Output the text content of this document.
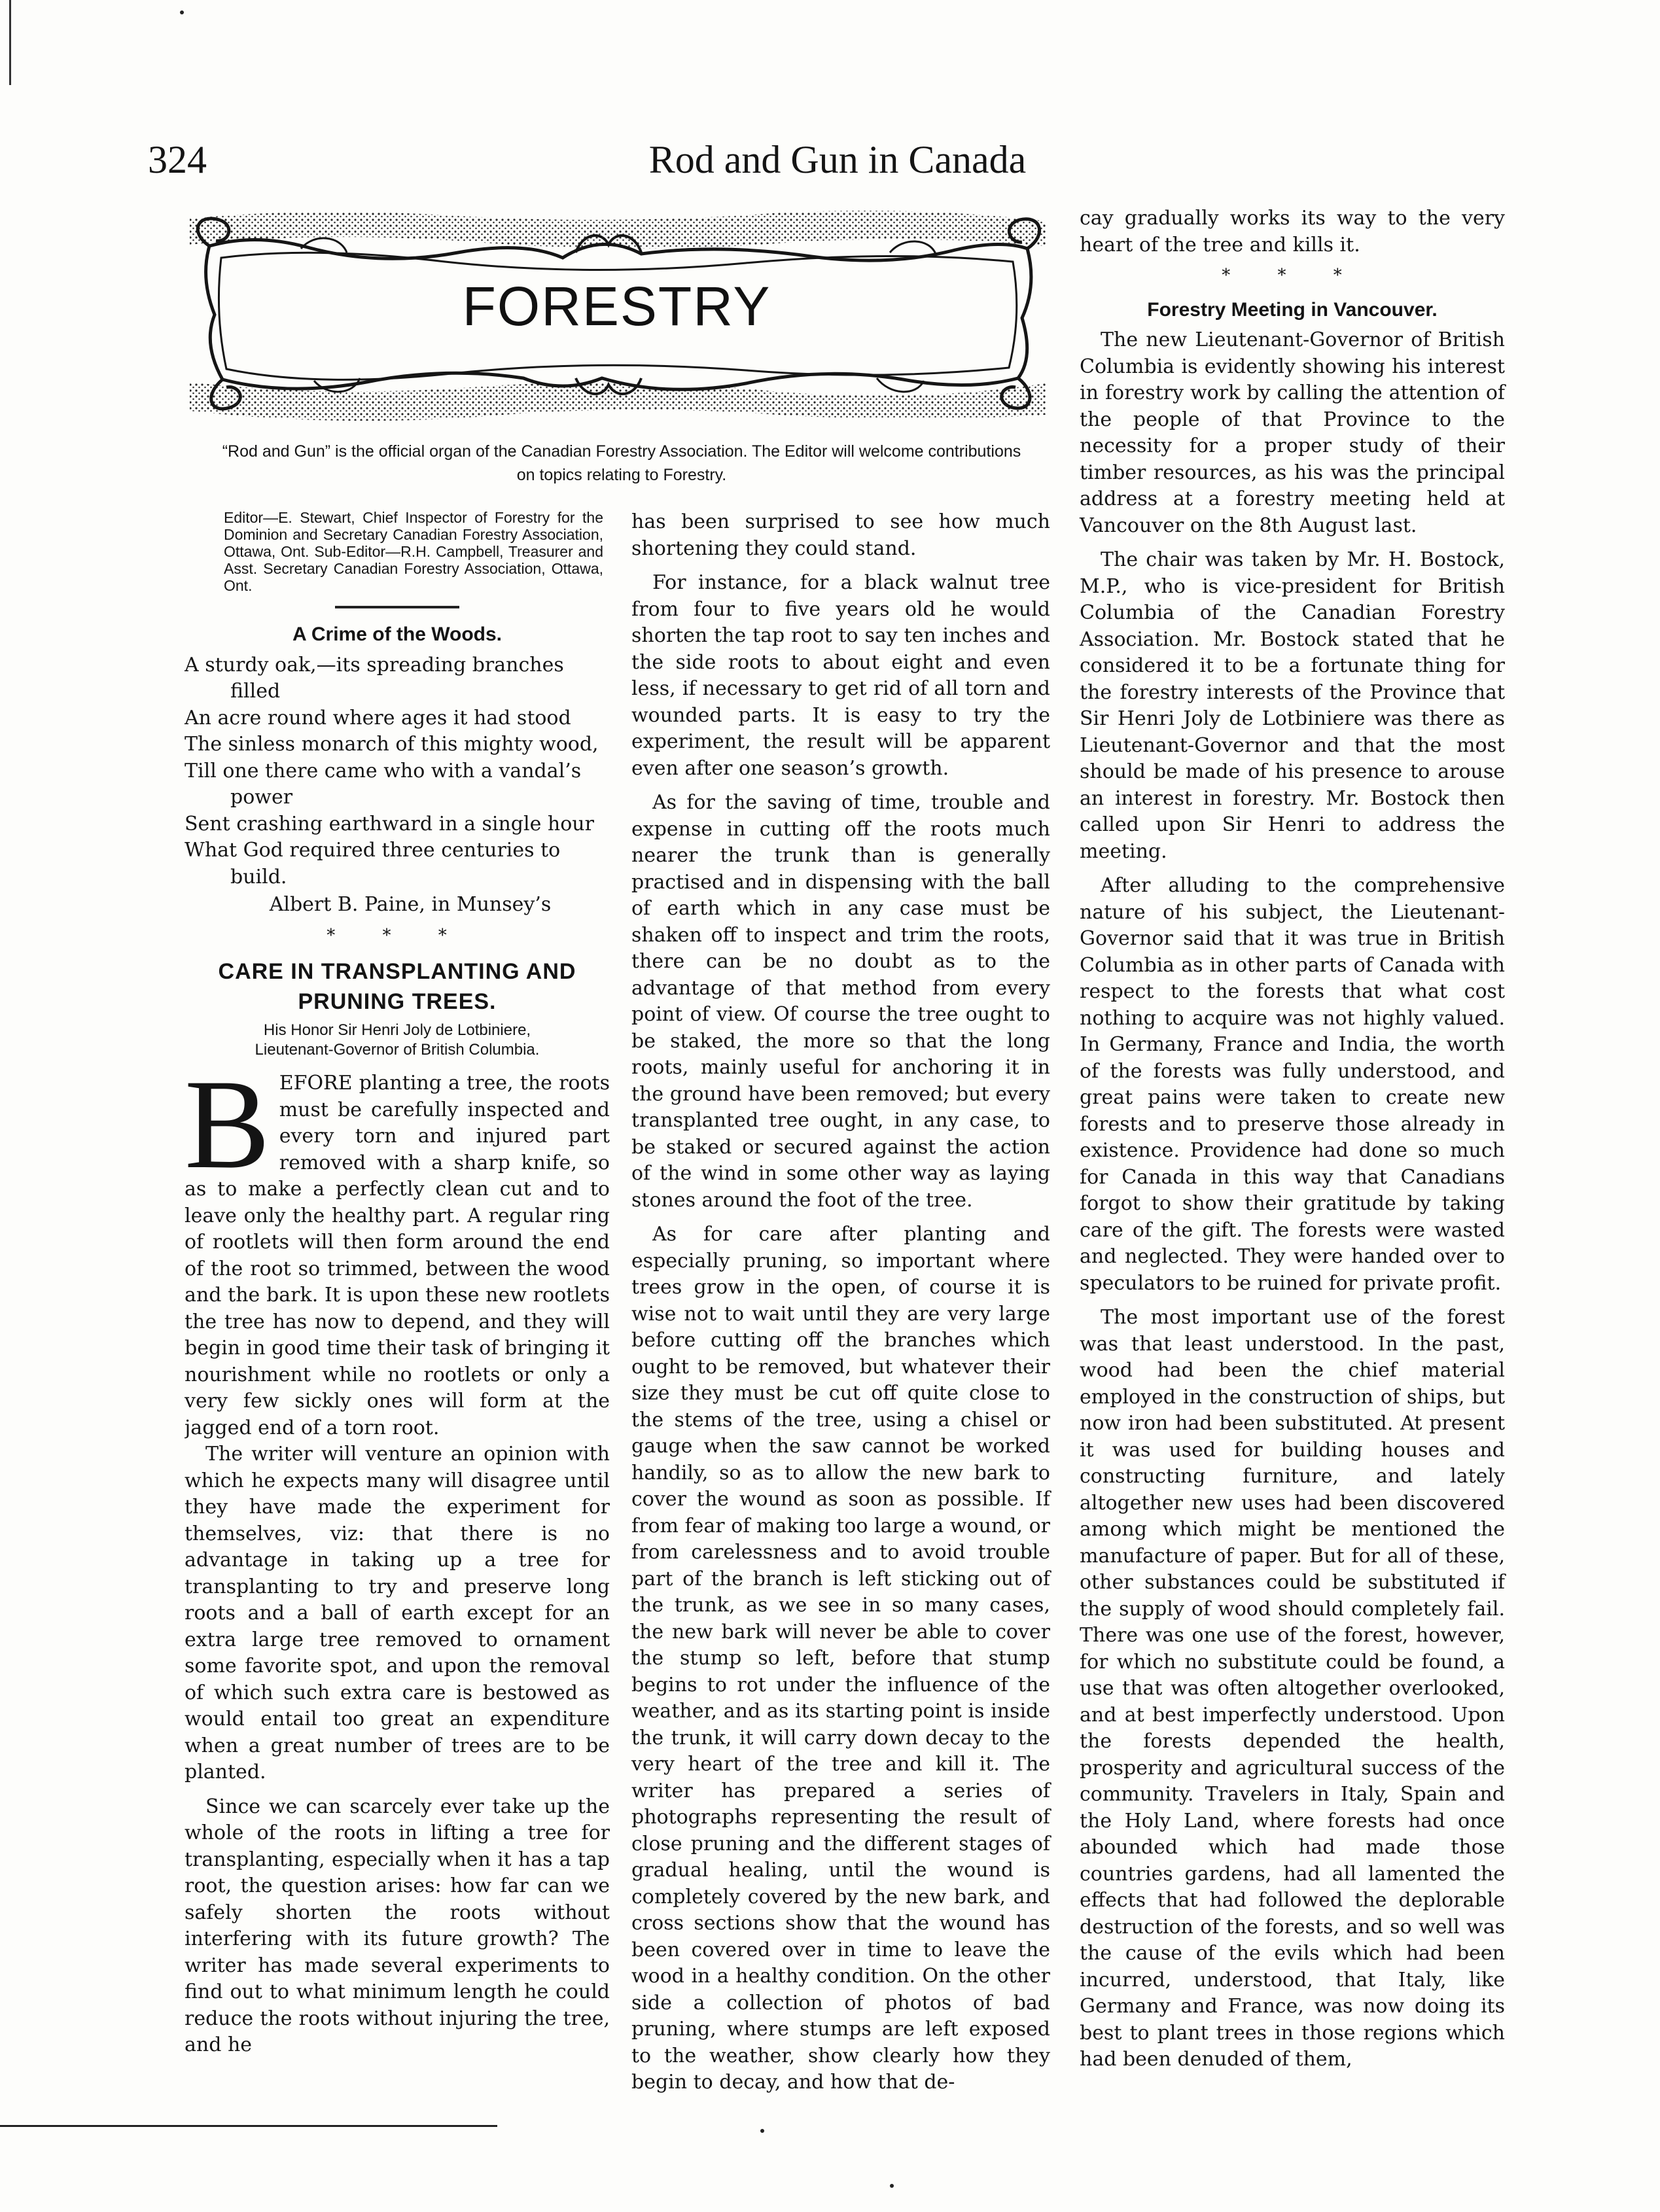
324	Rod and Gun in Canada
FORESTRY
“Rod and Gun” is the official organ of the Canadian Forestry Association. The Editor will welcome contributions on topics relating to Forestry.
Editor—E. Stewart, Chief Inspector of Forestry for the Dominion and Secretary Canadian Forestry Association, Ottawa, Ont. Sub-Editor—R.H. Campbell, Treasurer and Asst. Secretary Canadian Forestry Association, Ottawa, Ont.
A Crime of the Woods.
A sturdy oak,—its spreading branches filled
An acre round where ages it had stood
The sinless monarch of this mighty wood,
Till one there came who with a vandal’s power
Sent crashing earthward in a single hour
What God required three centuries to build.
Albert B. Paine, in Munsey’s
* * *
CARE IN TRANSPLANTING AND PRUNING TREES.
His Honor Sir Henri Joly de Lotbiniere,
Lieutenant-Governor of British Columbia.
B EFORE planting a tree, the roots must be carefully inspected and every torn and injured part removed with a sharp knife, so as to make a perfectly clean cut and to leave only the healthy part. A regular ring of rootlets will then form around the end of the root so trimmed, between the wood and the bark. It is upon these new rootlets the tree has now to depend, and they will begin in good time their task of bringing it nourishment while no rootlets or only a very few sickly ones will form at the jagged end of a torn root.

The writer will venture an opinion with which he expects many will disagree until they have made the experiment for themselves, viz: that there is no advantage in taking up a tree for transplanting to try and preserve long roots and a ball of earth except for an extra large tree removed to ornament some favorite spot, and upon the removal of which such extra care is bestowed as would entail too great an expenditure when a great number of trees are to be planted.

Since we can scarcely ever take up the whole of the roots in lifting a tree for transplanting, especially when it has a tap root, the question arises: how far can we safely shorten the roots without interfering with its future growth? The writer has made several experiments to find out to what minimum length he could reduce the roots without injuring the tree, and he

has been surprised to see how much shortening they could stand.

For instance, for a black walnut tree from four to five years old he would shorten the tap root to say ten inches and the side roots to about eight and even less, if necessary to get rid of all torn and wounded parts. It is easy to try the experiment, the result will be apparent even after one season’s growth.

As for the saving of time, trouble and expense in cutting off the roots much nearer the trunk than is generally practised and in dispensing with the ball of earth which in any case must be shaken off to inspect and trim the roots, there can be no doubt as to the advantage of that method from every point of view. Of course the tree ought to be staked, the more so that the long roots, mainly useful for anchoring it in the ground have been removed; but every transplanted tree ought, in any case, to be staked or secured against the action of the wind in some other way as laying stones around the foot of the tree.

As for care after planting and especially pruning, so important where trees grow in the open, of course it is wise not to wait until they are very large before cutting off the branches which ought to be removed, but whatever their size they must be cut off quite close to the stems of the tree, using a chisel or gauge when the saw cannot be worked handily, so as to allow the new bark to cover the wound as soon as possible. If from fear of making too large a wound, or from carelessness and to avoid trouble part of the branch is left sticking out of the trunk, as we see in so many cases, the new bark will never be able to cover the stump so left, before that stump begins to rot under the influence of the weather, and as its starting point is inside the trunk, it will carry down decay to the very heart of the tree and kill it. The writer has prepared a series of photographs representing the result of close pruning and the different stages of gradual healing, until the wound is completely covered by the new bark, and cross sections show that the wound has been covered over in time to leave the wood in a healthy condition. On the other side a collection of photos of bad pruning, where stumps are left exposed to the weather, show clearly how they begin to decay, and how that de-

cay gradually works its way to the very heart of the tree and kills it.

* * *
Forestry Meeting in Vancouver.

The new Lieutenant-Governor of British Columbia is evidently showing his interest in forestry work by calling the attention of the people of that Province to the necessity for a proper study of their timber resources, as his was the principal address at a forestry meeting held at Vancouver on the 8th August last.

The chair was taken by Mr. H. Bostock, M.P., who is vice-president for British Columbia of the Canadian Forestry Association. Mr. Bostock stated that he considered it to be a fortunate thing for the forestry interests of the Province that Sir Henri Joly de Lotbiniere was there as Lieutenant-Governor and that the most should be made of his presence to arouse an interest in forestry. Mr. Bostock then called upon Sir Henri to address the meeting.

After alluding to the comprehensive nature of his subject, the Lieutenant-Governor said that it was true in British Columbia as in other parts of Canada with respect to the forests that what cost nothing to acquire was not highly valued. In Germany, France and India, the worth of the forests was fully understood, and great pains were taken to create new forests and to preserve those already in existence. Providence had done so much for Canada in this way that Canadians forgot to show their gratitude by taking care of the gift. The forests were wasted and neglected. They were handed over to speculators to be ruined for private profit.

The most important use of the forest was that least understood. In the past, wood had been the chief material employed in the construction of ships, but now iron had been substituted. At present it was used for building houses and constructing furniture, and lately altogether new uses had been discovered among which might be mentioned the manufacture of paper. But for all of these, other substances could be substituted if the supply of wood should completely fail. There was one use of the forest, however, for which no substitute could be found, a use that was often altogether overlooked, and at best imperfectly understood. Upon the forests depended the health, prosperity and agricultural success of the community. Travelers in Italy, Spain and the Holy Land, where forests had once abounded which had made those countries gardens, had all lamented the effects that had followed the deplorable destruction of the forests, and so well was the cause of the evils which had been incurred, understood, that Italy, like Germany and France, was now doing its best to plant trees in those regions which had been denuded of them,
